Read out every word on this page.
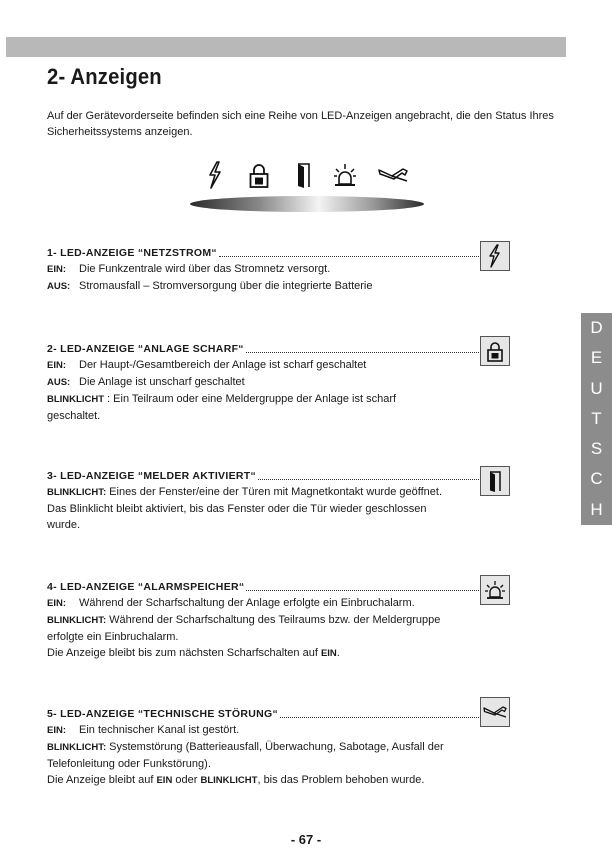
2- Anzeigen

Auf der Gerätevorderseite befinden sich eine Reihe von LED-Anzeigen angebracht, die den Status Ihres Sicherheitssystems anzeigen.

1- LED-ANZEIGE “NETZSTROM“
EIN: Die Funkzentrale wird über das Stromnetz versorgt.
AUS: Stromausfall – Stromversorgung über die integrierte Batterie
2- LED-ANZEIGE “ANLAGE SCHARF“
EIN: Der Haupt-/Gesamtbereich der Anlage ist scharf geschaltet
AUS: Die Anlage ist unscharf geschaltet
BLINKLICHT : Ein Teilraum oder eine Meldergruppe der Anlage ist scharf
geschaltet.
3- LED-ANZEIGE “MELDER AKTIVIERT“
BLINKLICHT: Eines der Fenster/eine der Türen mit Magnetkontakt wurde geöffnet.
Das Blinklicht bleibt aktiviert, bis das Fenster oder die Tür wieder geschlossen
wurde.
4- LED-ANZEIGE “ALARMSPEICHER“
EIN: Während der Scharfschaltung der Anlage erfolgte ein Einbruchalarm.
BLINKLICHT: Während der Scharfschaltung des Teilraums bzw. der Meldergruppe
erfolgte ein Einbruchalarm.
Die Anzeige bleibt bis zum nächsten Scharfschalten auf EIN.
5- LED-ANZEIGE “TECHNISCHE STÖRUNG“
EIN: Ein technischer Kanal ist gestört.
BLINKLICHT: Systemstörung (Batterieausfall, Überwachung, Sabotage, Ausfall der
Telefonleitung oder Funkstörung).
Die Anzeige bleibt auf EIN oder BLINKLICHT, bis das Problem behoben wurde.
D
E
U
T
S
C
H
- 67 -
